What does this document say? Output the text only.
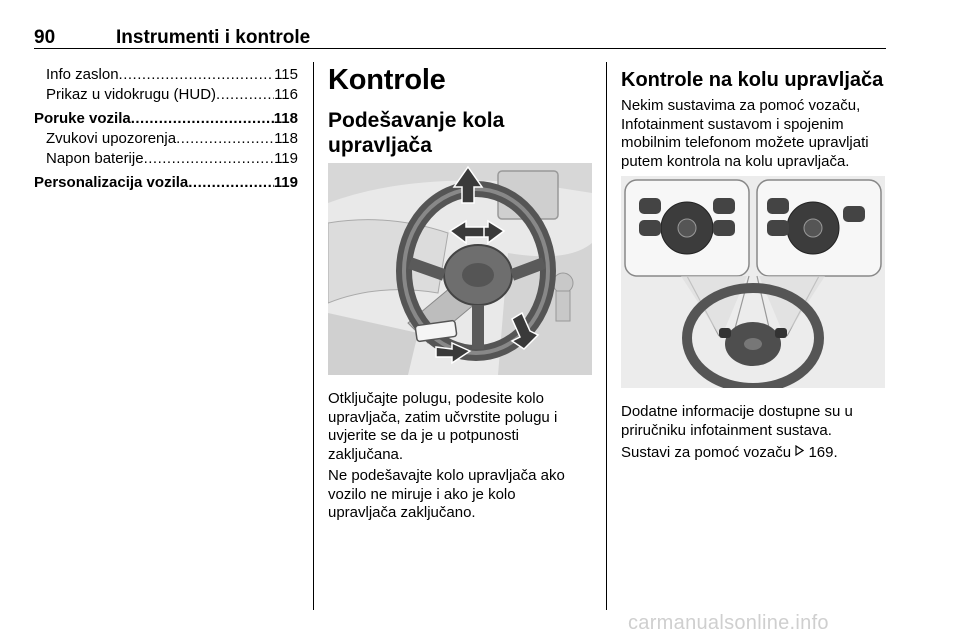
90	Instrumenti i kontrole
Info zaslon .....	115
Prikaz u vidokrugu (HUD) .....	116
Poruke vozila .....	118
Zvukovi upozorenja .....	118
Napon baterije .....	119
Personalizacija vozila .....	119
Kontrole
Podešavanje kola
upravljača
Otključajte polugu, podesite kolo
upravljača, zatim učvrstite polugu i
uvjerite se da je u potpunosti
zaključana.
Ne podešavajte kolo upravljača ako
vozilo ne miruje i ako je kolo
upravljača zaključano.
Kontrole na kolu upravljača
Nekim sustavima za pomoć vozaču,
Infotainment sustavom i spojenim
mobilnim telefonom možete upravljati
putem kontrola na kolu upravljača.
Dodatne informacije dostupne su u
priručniku infotainment sustava.
Sustavi za pomoć vozaču 169.
carmanualsonline.info
